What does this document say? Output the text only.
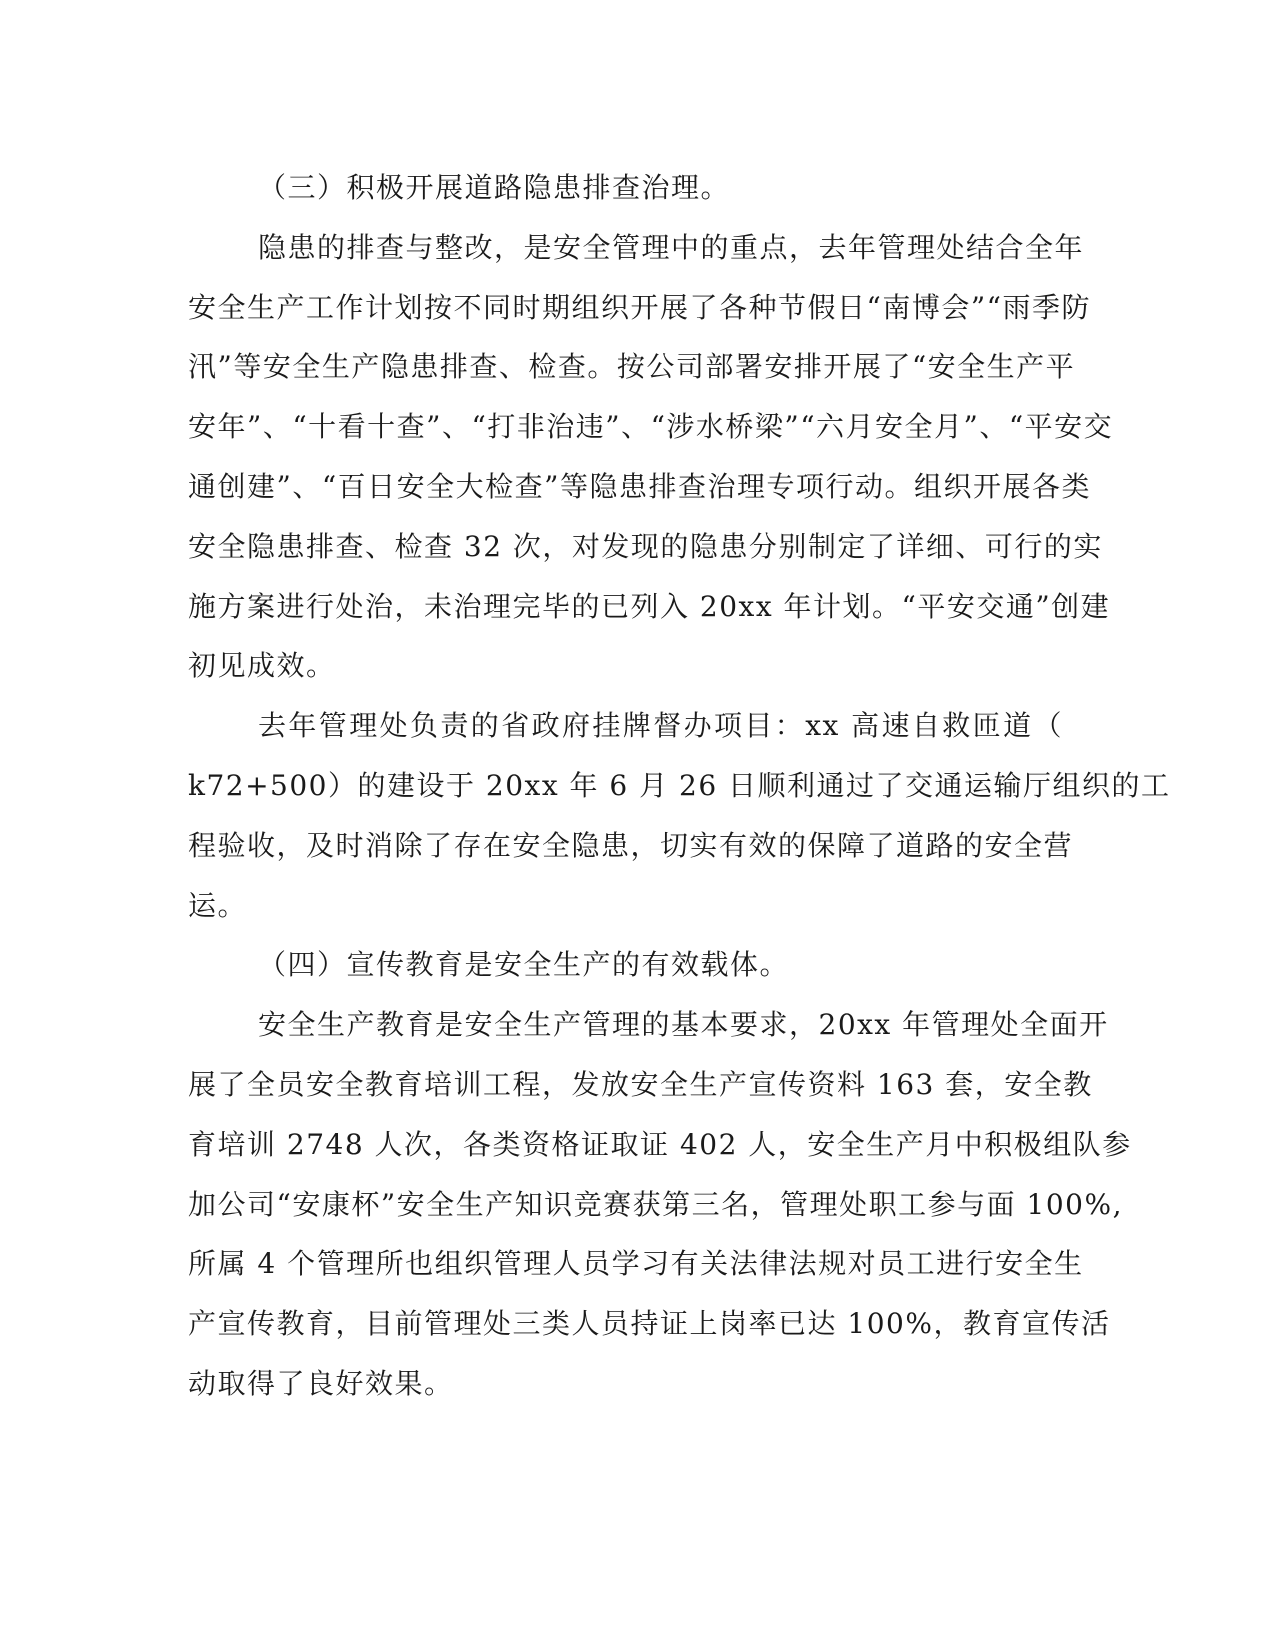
（三）积极开展道路隐患排查治理。
隐患的排查与整改，是安全管理中的重点，去年管理处结合全年
安全生产工作计划按不同时期组织开展了各种节假日“南博会”“雨季防
汛”等安全生产隐患排查、检查。按公司部署安排开展了“安全生产平
安年”、“十看十查”、“打非治违”、“涉水桥梁”“六月安全月”、“平安交
通创建”、“百日安全大检查”等隐患排查治理专项行动。组织开展各类
安全隐患排查、检查 32 次，对发现的隐患分别制定了详细、可行的实
施方案进行处治，未治理完毕的已列入 20xx 年计划。“平安交通”创建
初见成效。
去年管理处负责的省政府挂牌督办项目：xx 高速自救匝道（
k72+500）的建设于 20xx 年 6 月 26 日顺利通过了交通运输厅组织的工
程验收，及时消除了存在安全隐患，切实有效的保障了道路的安全营
运。
（四）宣传教育是安全生产的有效载体。
安全生产教育是安全生产管理的基本要求，20xx 年管理处全面开
展了全员安全教育培训工程，发放安全生产宣传资料 163 套，安全教
育培训 2748 人次，各类资格证取证 402 人，安全生产月中积极组队参
加公司“安康杯”安全生产知识竞赛获第三名，管理处职工参与面 100%,
所属 4 个管理所也组织管理人员学习有关法律法规对员工进行安全生
产宣传教育，目前管理处三类人员持证上岗率已达 100%，教育宣传活
动取得了良好效果。
